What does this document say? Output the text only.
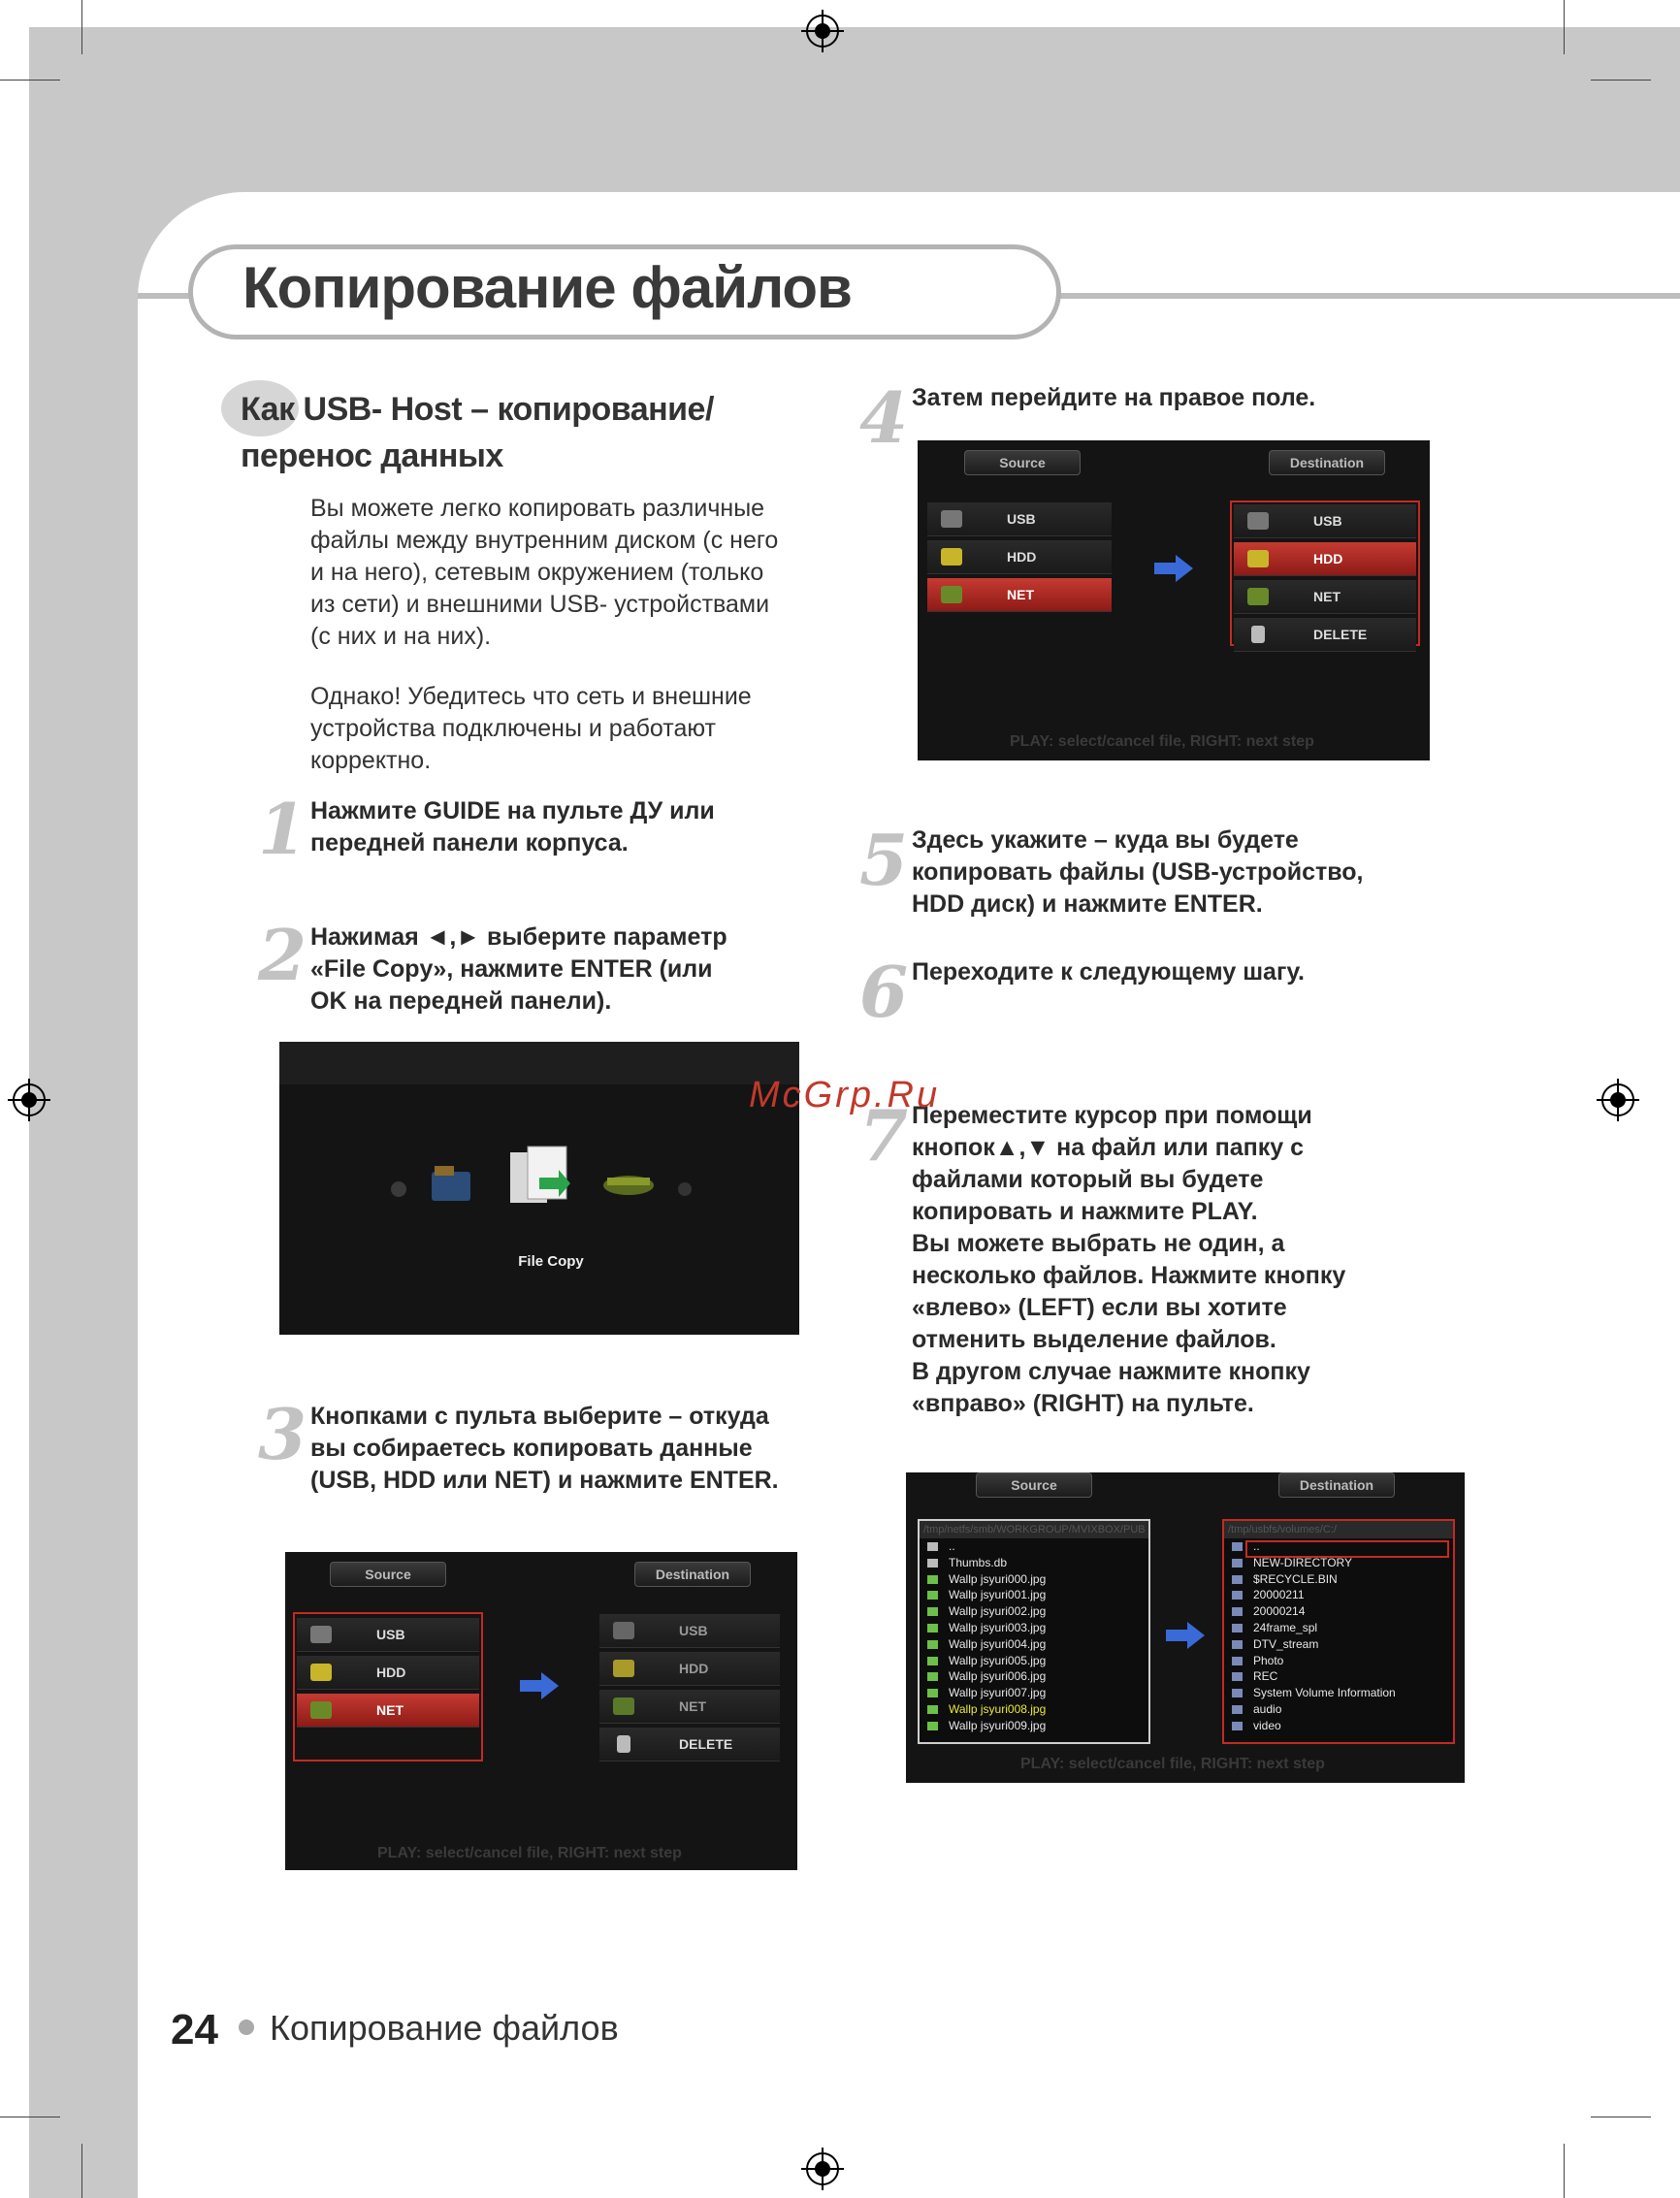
Копирование файлов
Как USB- Host – копирование/перенос данных
Вы можете легко копировать различные
файлы между внутренним диском (с него
и на него), сетевым окружением (только
из сети) и внешними USB- устройствами
(с них и на них).
Однако! Убедитесь что сеть и внешние
устройства подключены и работают
корректно.
1 Нажмите GUIDE на пульте ДУ или
передней панели корпуса.
2 Нажимая ◄,► выберите параметр
«File Copy», нажмите ENTER (или
OK на передней панели).
3 Кнопками с пульта выберите – откуда
вы собираетесь копировать данные
(USB, HDD или NET) и нажмите ENTER.
4 Затем перейдите на правое поле.
5 Здесь укажите – куда вы будете
копировать файлы (USB-устройство,
HDD диск) и нажмите ENTER.
6 Переходите к следующему шагу.
7 Переместите курсор при помощи
кнопок▲,▼ на файл или папку с
файлами который вы будете
копировать и нажмите PLAY.
Вы можете выбрать не один, а
несколько файлов. Нажмите кнопку
«влево» (LEFT) если вы хотите
отменить выделение файлов.
В другом случае нажмите кнопку
«вправо» (RIGHT) на пульте.
File Copy
Source	Destination
USB
HDD
NET
USB
HDD
NET
DELETE
PLAY: select/cancel file, RIGHT: next step
Source	Destination
USB
HDD
NET
USB
HDD
NET
DELETE
PLAY: select/cancel file, RIGHT: next step
Source	Destination
/tmp/netfs/smb/WORKGROUP/MVIXBOX/PUB
..
Thumbs.db
Wallp jsyuri000.jpg
Wallp jsyuri001.jpg
Wallp jsyuri002.jpg
Wallp jsyuri003.jpg
Wallp jsyuri004.jpg
Wallp jsyuri005.jpg
Wallp jsyuri006.jpg
Wallp jsyuri007.jpg
Wallp jsyuri008.jpg
Wallp jsyuri009.jpg
/tmp/usbfs/volumes/C:/
..
NEW-DIRECTORY
$RECYCLE.BIN
20000211
20000214
24frame_spl
DTV_stream
Photo
REC
System Volume Information
audio
video
PLAY: select/cancel file, RIGHT: next step
McGrp.Ru
24 Копирование файлов
